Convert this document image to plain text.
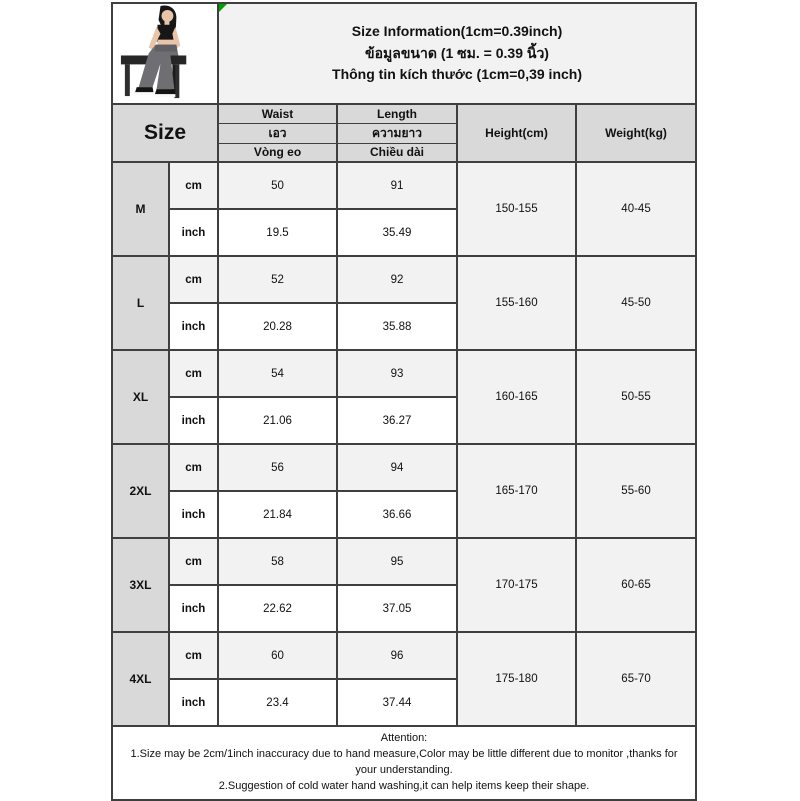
Size Information(1cm=0.39inch)
ข้อมูลขนาด (1 ซม. = 0.39 นิ้ว)
Thông tin kích thước (1cm=0,39 inch)			

Size		Waist	Length	Height(cm)	Weight(kg)
		เอว	ความยาว		
		Vòng eo	Chiều dài		
M	cm	50	91	150-155	40-45
	inch	19.5	35.49		
L	cm	52	92	155-160	45-50
	inch	20.28	35.88		
XL	cm	54	93	160-165	50-55
	inch	21.06	36.27		
2XL	cm	56	94	165-170	55-60
	inch	21.84	36.66		
3XL	cm	58	95	170-175	60-65
	inch	22.62	37.05		
4XL	cm	60	96	175-180	65-70
	inch	23.4	37.44		

Attention:
1.Size may be 2cm/1inch inaccuracy due to hand measure,Color may be little different due to monitor ,thanks for your understanding.
2.Suggestion of cold water hand washing,it can help items keep their shape.					
